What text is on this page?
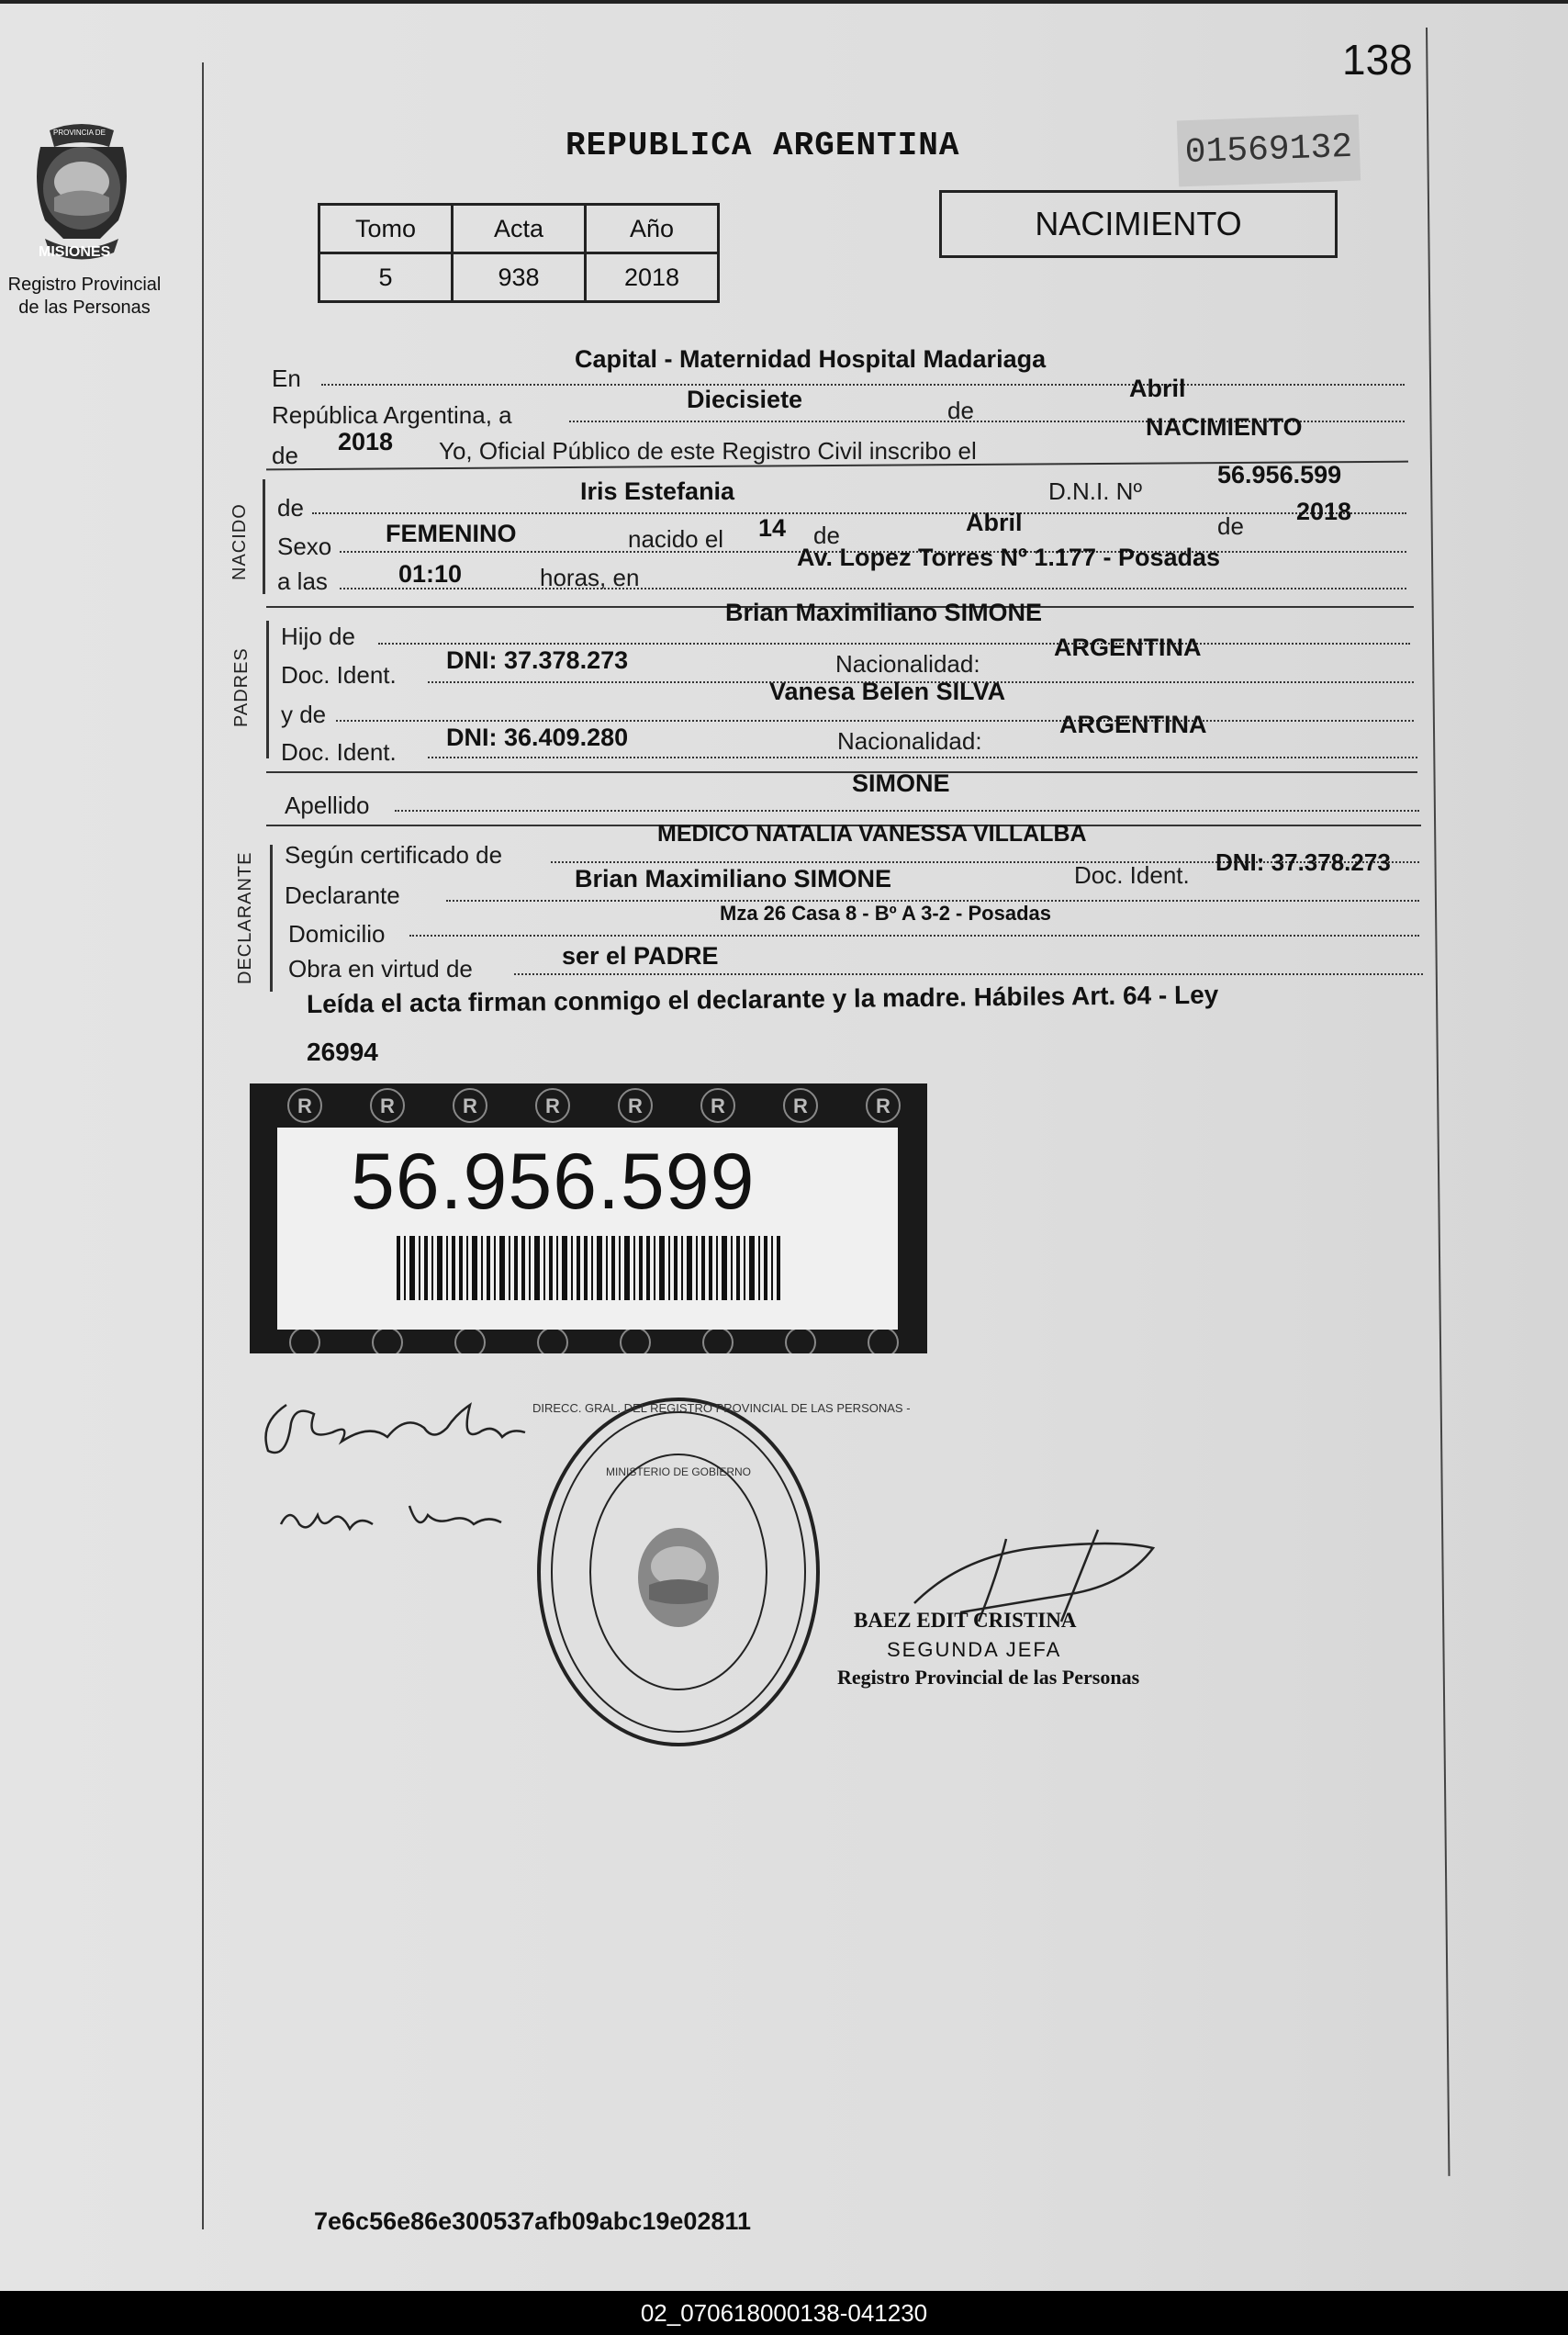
138
PROVINCIA DE
MISIONES
Registro Provincial
de las Personas
REPUBLICA ARGENTINA	01569132
Tomo	Acta	Año
5	938	2018
NACIMIENTO
En
Capital - Maternidad Hospital Madariaga
República Argentina, a
Diecisiete	de
Abril
de 2018 Yo, Oficial Público de este Registro Civil inscribo el
NACIMIENTO
NACIDO de
Iris Estefania	D.N.I. Nº
56.956.599
Sexo FEMENINO	nacido el 14 de	Abril	de
2018
a las	01:10	horas, en
Av. Lopez Torres Nº 1.177 - Posadas
PADRES
Hijo de
Brian Maximiliano SIMONE
Doc. Ident.
DNI: 37.378.273	Nacionalidad:
ARGENTINA
y de
Vanesa Belen SILVA
Doc. Ident.
DNI: 36.409.280	Nacionalidad:
ARGENTINA
Apellido
SIMONE
DECLARANTE Según certificado de
MEDICO NATALIA VANESSA VILLALBA
Declarante
Brian Maximiliano SIMONE	Doc. Ident. DNI: 37.378.273
Domicilio
Mza 26 Casa 8 - Bº A 3-2 - Posadas
Obra en virtud de	ser el PADRE
Leída el acta firman conmigo el declarante y la madre. Hábiles Art. 64 - Ley
26994
R	R	R	R	R	R	R	R
56.956.599
DIRECC. GRAL. DEL REGISTRO PROVINCIAL DE LAS PERSONAS -
MINISTERIO DE GOBIERNO
BAEZ EDIT CRISTINA
SEGUNDA JEFA
Registro Provincial de las Personas
7e6c56e86e300537afb09abc19e02811
02_070618000138-041230
